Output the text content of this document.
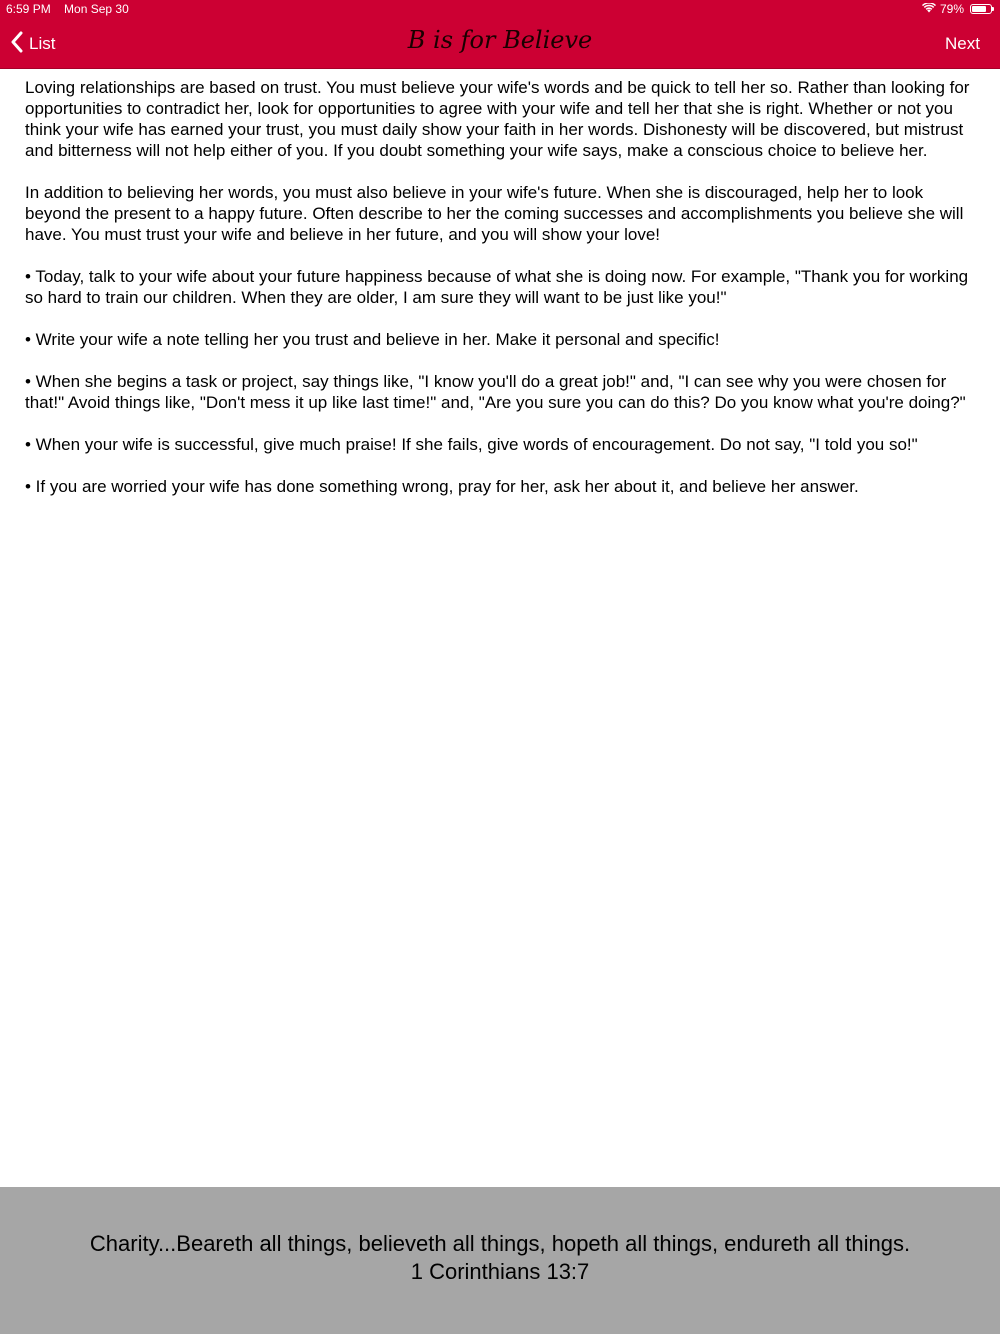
6:59 PM Mon Sep 30	79%
List	B is for Believe	Next

Loving relationships are based on trust. You must believe your wife's words and be quick to tell her so. Rather than looking for opportunities to contradict her, look for opportunities to agree with your wife and tell her that she is right. Whether or not you think your wife has earned your trust, you must daily show your faith in her words. Dishonesty will be discovered, but mistrust and bitterness will not help either of you. If you doubt something your wife says, make a conscious choice to believe her.

In addition to believing her words, you must also believe in your wife's future. When she is discouraged, help her to look beyond the present to a happy future. Often describe to her the coming successes and accomplishments you believe she will have. You must trust your wife and believe in her future, and you will show your love!

• Today, talk to your wife about your future happiness because of what she is doing now. For example, "Thank you for working so hard to train our children. When they are older, I am sure they will want to be just like you!"

• Write your wife a note telling her you trust and believe in her. Make it personal and specific!

• When she begins a task or project, say things like, "I know you'll do a great job!" and, "I can see why you were chosen for that!" Avoid things like, "Don't mess it up like last time!" and, "Are you sure you can do this? Do you know what you're doing?"

• When your wife is successful, give much praise! If she fails, give words of encouragement. Do not say, "I told you so!"

• If you are worried your wife has done something wrong, pray for her, ask her about it, and believe her answer.

Charity...Beareth all things, believeth all things, hopeth all things, endureth all things.
1 Corinthians 13:7
